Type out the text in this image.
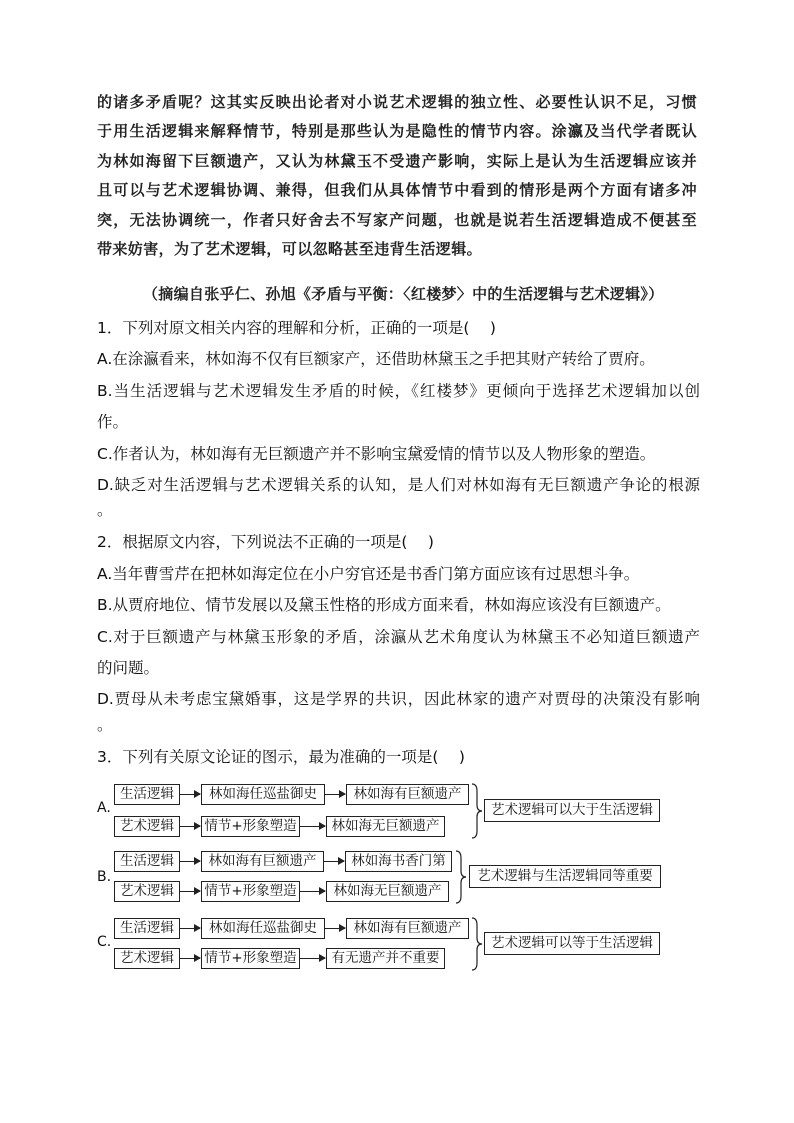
的诸多矛盾呢？这其实反映出论者对小说艺术逻辑的独立性、必要性认识不足，习惯
于用生活逻辑来解释情节，特别是那些认为是隐性的情节内容。涂瀛及当代学者既认
为林如海留下巨额遗产，又认为林黛玉不受遗产影响，实际上是认为生活逻辑应该并
且可以与艺术逻辑协调、兼得，但我们从具体情节中看到的情形是两个方面有诸多冲
突，无法协调统一，作者只好舍去不写家产问题，也就是说若生活逻辑造成不便甚至
带来妨害，为了艺术逻辑，可以忽略甚至违背生活逻辑。
（摘编自张乎仁、孙旭《矛盾与平衡：〈红楼梦〉中的生活逻辑与艺术逻辑》）
1．下列对原文相关内容的理解和分析，正确的一项是(　 )
A.在涂瀛看来，林如海不仅有巨额家产，还借助林黛玉之手把其财产转给了贾府。
B.当生活逻辑与艺术逻辑发生矛盾的时候，《红楼梦》更倾向于选择艺术逻辑加以创
作。
C.作者认为，林如海有无巨额遗产并不影响宝黛爱情的情节以及人物形象的塑造。
D.缺乏对生活逻辑与艺术逻辑关系的认知，是人们对林如海有无巨额遗产争论的根源
。
2．根据原文内容，下列说法不正确的一项是(　 )
A.当年曹雪芹在把林如海定位在小户穷官还是书香门第方面应该有过思想斗争。
B.从贾府地位、情节发展以及黛玉性格的形成方面来看，林如海应该没有巨额遗产。
C.对于巨额遗产与林黛玉形象的矛盾，涂瀛从艺术角度认为林黛玉不必知道巨额遗产
的问题。
D.贾母从未考虑宝黛婚事，这是学界的共识，因此林家的遗产对贾母的决策没有影响
。
3．下列有关原文论证的图示，最为准确的一项是(　 )
A.
生活逻辑	林如海任巡盐御史	林如海有巨额遗产
艺术逻辑	情节+形象塑造	林如海无巨额遗产
艺术逻辑可以大于生活逻辑
B.
生活逻辑	林如海有巨额遗产	林如海书香门第
艺术逻辑	情节+形象塑造	林如海无巨额遗产
艺术逻辑与生活逻辑同等重要
C.
生活逻辑	林如海任巡盐御史	林如海有巨额遗产
艺术逻辑	情节+形象塑造	有无遗产并不重要
艺术逻辑可以等于生活逻辑
